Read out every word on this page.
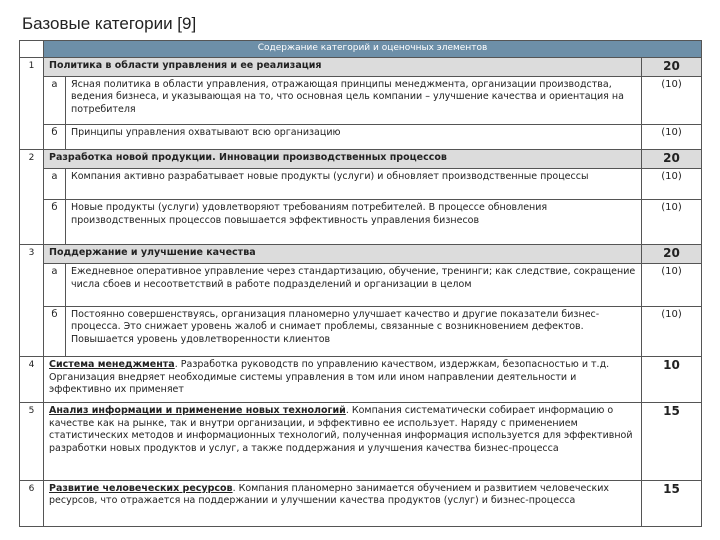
Базовые категории [9]
	Содержание категорий и оценочных элементов		
1	Политика в области управления и ее реализация		20
	а	Ясная политика в области управления, отражающая принципы менеджмента, организации производства, ведения бизнеса, и указывающая на то, что основная цель компании – улучшение качества и ориентация на потребителя	(10)
	б	Принципы управления охватывают всю организацию	(10)
2	Разработка новой продукции. Инновации производственных процессов		20
	а	Компания активно разрабатывает новые продукты (услуги) и обновляет производственные процессы	(10)
	б	Новые продукты (услуги) удовлетворяют требованиям потребителей. В процессе обновления производственных процессов повышается эффективность управления бизнесов	(10)
3	Поддержание и улучшение качества		20
	а	Ежедневное оперативное управление через стандартизацию, обучение, тренинги; как следствие, сокращение числа сбоев и несоответствий в работе подразделений и организации в целом	(10)
	б	Постоянно совершенствуясь, организация планомерно улучшает качество и другие показатели бизнес-процесса. Это снижает уровень жалоб и снимает проблемы, связанные с возникновением дефектов. Повышается уровень удовлетворенности клиентов	(10)
4	Система менеджмента. Разработка руководств по управлению качеством, издержкам, безопасностью и т.д. Организация внедряет необходимые системы управления в том или ином направлении деятельности и эффективно их применяет		10
5	Анализ информации и применение новых технологий. Компания систематически собирает информацию о качестве как на рынке, так и внутри организации, и эффективно ее использует. Наряду с применением статистических методов и информационных технологий, полученная информация используется для эффективной разработки новых продуктов и услуг, а также поддержания и улучшения качества бизнес-процесса		15
6	Развитие человеческих ресурсов. Компания планомерно занимается обучением и развитием человеческих ресурсов, что отражается на поддержании и улучшении качества продуктов (услуг) и бизнес-процесса		15
